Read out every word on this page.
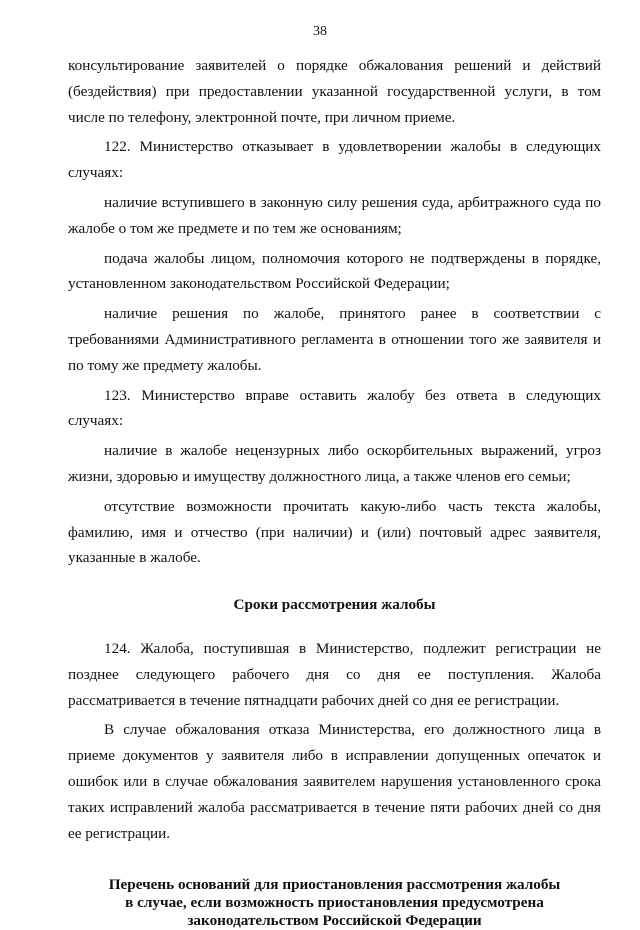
38

консультирование заявителей о порядке обжалования решений и действий (бездействия) при предоставлении указанной государственной услуги, в том числе по телефону, электронной почте, при личном приеме.

122. Министерство отказывает в удовлетворении жалобы в следующих случаях:

наличие вступившего в законную силу решения суда, арбитражного суда по жалобе о том же предмете и по тем же основаниям;

подача жалобы лицом, полномочия которого не подтверждены в порядке, установленном законодательством Российской Федерации;

наличие решения по жалобе, принятого ранее в соответствии с требованиями Административного регламента в отношении того же заявителя и по тому же предмету жалобы.

123. Министерство вправе оставить жалобу без ответа в следующих случаях:

наличие в жалобе нецензурных либо оскорбительных выражений, угроз жизни, здоровью и имуществу должностного лица, а также членов его семьи;

отсутствие возможности прочитать какую-либо часть текста жалобы, фамилию, имя и отчество (при наличии) и (или) почтовый адрес заявителя, указанные в жалобе.

Сроки рассмотрения жалобы

124. Жалоба, поступившая в Министерство, подлежит регистрации не позднее следующего рабочего дня со дня ее поступления. Жалоба рассматривается в течение пятнадцати рабочих дней со дня ее регистрации.

В случае обжалования отказа Министерства, его должностного лица в приеме документов у заявителя либо в исправлении допущенных опечаток и ошибок или в случае обжалования заявителем нарушения установленного срока таких исправлений жалоба рассматривается в течение пяти рабочих дней со дня ее регистрации.

Перечень оснований для приостановления рассмотрения жалобы
в случае, если возможность приостановления предусмотрена
законодательством Российской Федерации
